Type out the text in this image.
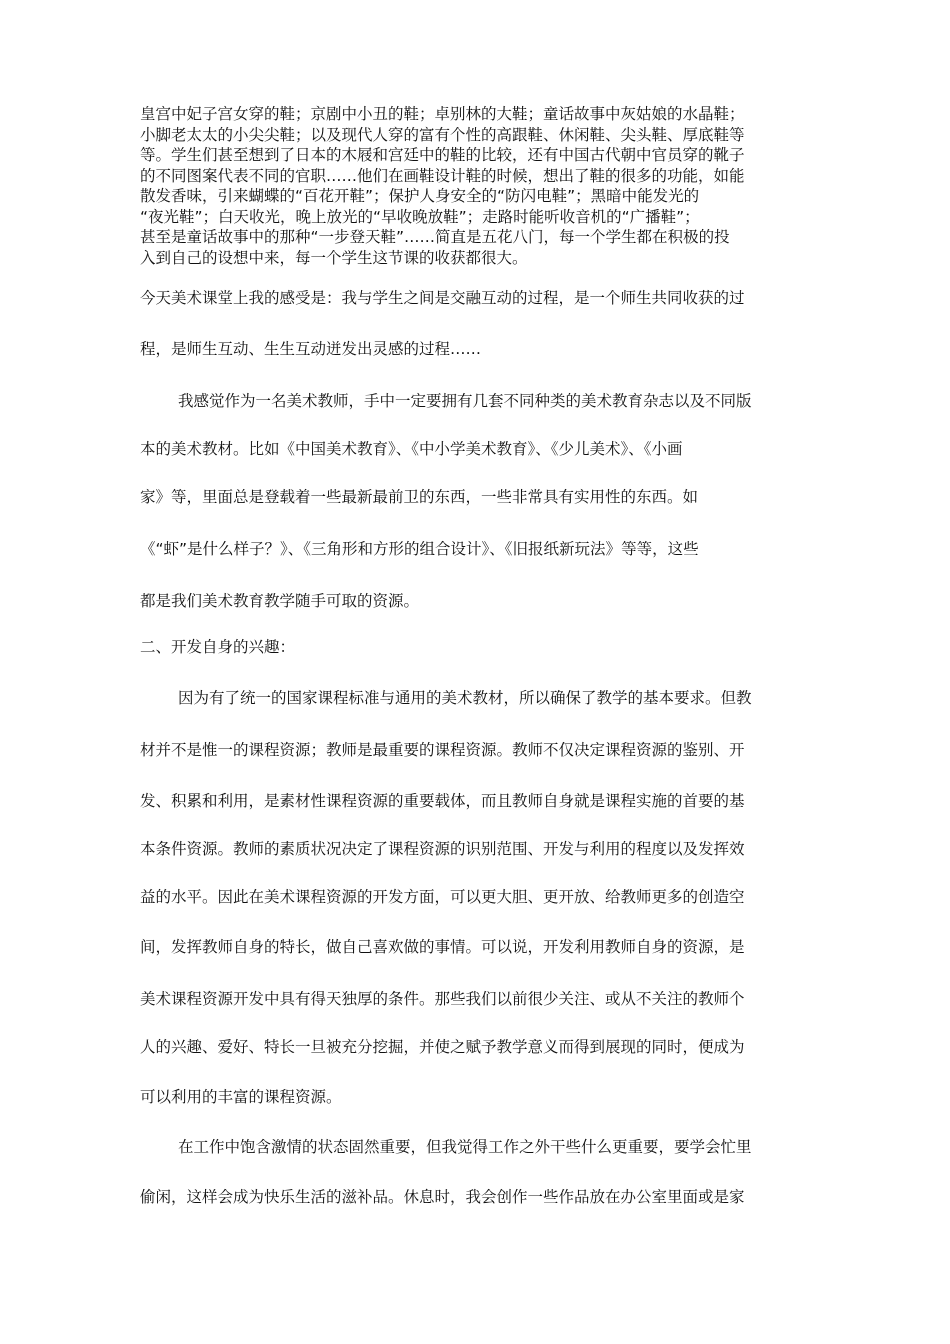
皇宫中妃子宫女穿的鞋；京剧中小丑的鞋；卓别林的大鞋；童话故事中灰姑娘的水晶鞋；
小脚老太太的小尖尖鞋；以及现代人穿的富有个性的高跟鞋、休闲鞋、尖头鞋、厚底鞋等
等。学生们甚至想到了日本的木屐和宫廷中的鞋的比较，还有中国古代朝中官员穿的靴子
的不同图案代表不同的官职……他们在画鞋设计鞋的时候，想出了鞋的很多的功能，如能
散发香味，引来蝴蝶的“百花开鞋”；保护人身安全的“防闪电鞋”；黑暗中能发光的
“夜光鞋”；白天收光，晚上放光的“早收晚放鞋”；走路时能听收音机的“广播鞋”；
甚至是童话故事中的那种“一步登天鞋”……简直是五花八门，每一个学生都在积极的投
入到自己的设想中来，每一个学生这节课的收获都很大。
今天美术课堂上我的感受是：我与学生之间是交融互动的过程，是一个师生共同收获的过
程，是师生互动、生生互动迸发出灵感的过程……
我感觉作为一名美术教师，手中一定要拥有几套不同种类的美术教育杂志以及不同版
本的美术教材。比如《中国美术教育》、《中小学美术教育》、《少儿美术》、《小画
家》等，里面总是登载着一些最新最前卫的东西，一些非常具有实用性的东西。如
《“虾”是什么样子？》、《三角形和方形的组合设计》、《旧报纸新玩法》等等，这些
都是我们美术教育教学随手可取的资源。
二、开发自身的兴趣：
因为有了统一的国家课程标准与通用的美术教材，所以确保了教学的基本要求。但教
材并不是惟一的课程资源；教师是最重要的课程资源。教师不仅决定课程资源的鉴别、开
发、积累和利用，是素材性课程资源的重要载体，而且教师自身就是课程实施的首要的基
本条件资源。教师的素质状况决定了课程资源的识别范围、开发与利用的程度以及发挥效
益的水平。因此在美术课程资源的开发方面，可以更大胆、更开放、给教师更多的创造空
间，发挥教师自身的特长，做自己喜欢做的事情。可以说，开发利用教师自身的资源，是
美术课程资源开发中具有得天独厚的条件。那些我们以前很少关注、或从不关注的教师个
人的兴趣、爱好、特长一旦被充分挖掘，并使之赋予教学意义而得到展现的同时，便成为
可以利用的丰富的课程资源。
在工作中饱含激情的状态固然重要，但我觉得工作之外干些什么更重要，要学会忙里
偷闲，这样会成为快乐生活的滋补品。休息时，我会创作一些作品放在办公室里面或是家
